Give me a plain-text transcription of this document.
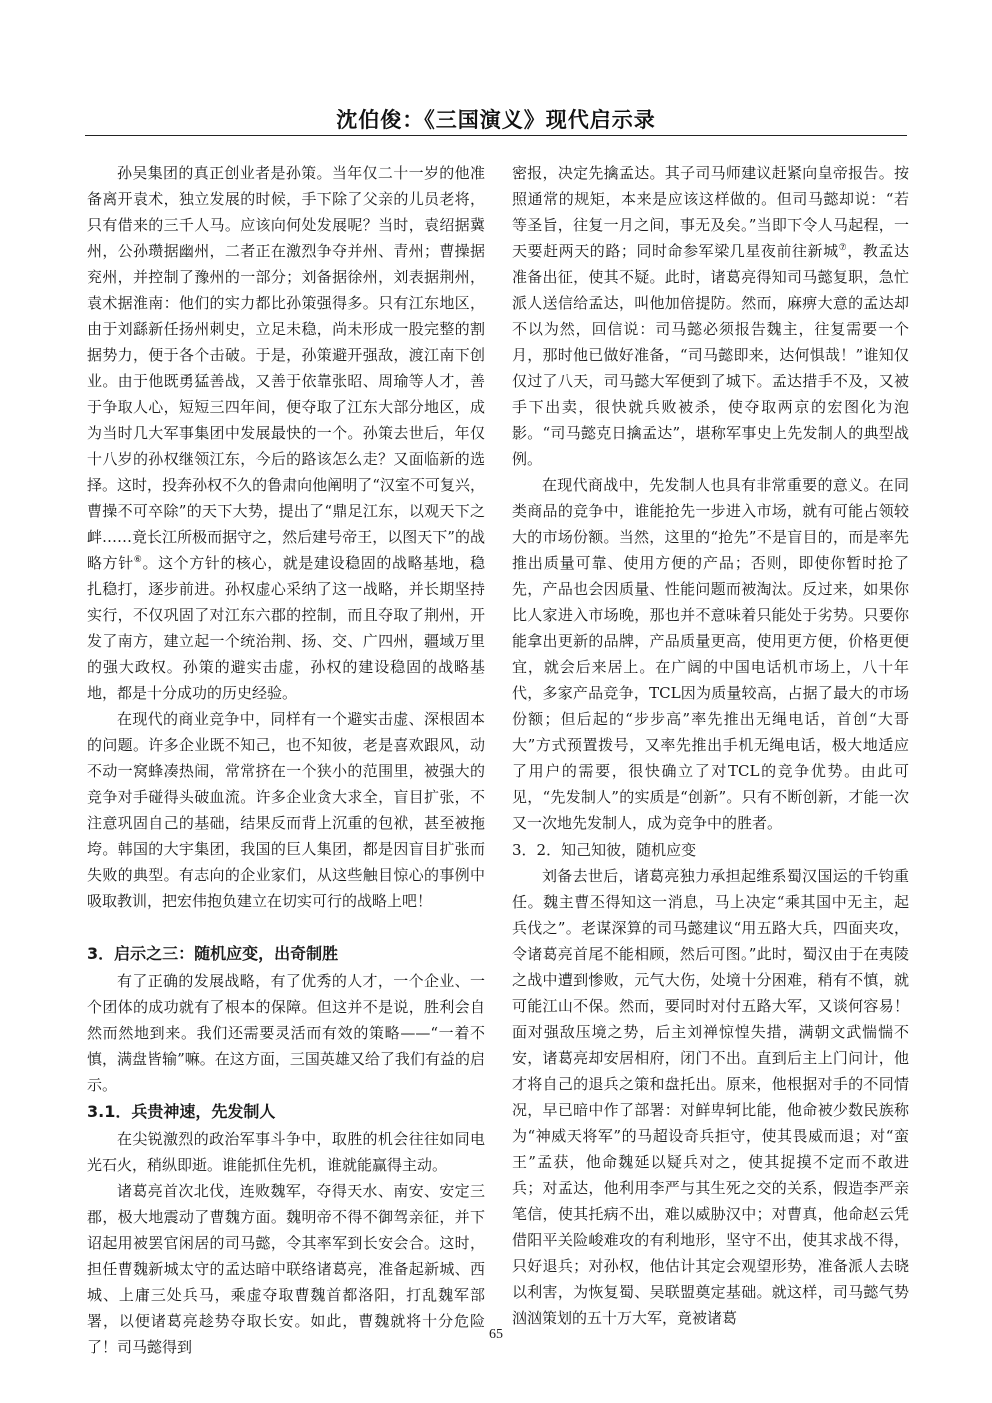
沈伯俊：《三国演义》现代启示录

孙吴集团的真正创业者是孙策。当年仅二十一岁的他准备离开袁术，独立发展的时候，手下除了父亲的儿员老将，只有借来的三千人马。应该向何处发展呢？当时，袁绍据冀州，公孙瓒据幽州，二者正在激烈争夺并州、青州；曹操据兖州，并控制了豫州的一部分；刘备据徐州，刘表据荆州，袁术据淮南：他们的实力都比孙策强得多。只有江东地区，由于刘繇新任扬州刺史，立足未稳，尚未形成一股完整的割据势力，便于各个击破。于是，孙策避开强敌，渡江南下创业。由于他既勇猛善战，又善于依靠张昭、周瑜等人才，善于争取人心，短短三四年间，便夺取了江东大部分地区，成为当时几大军事集团中发展最快的一个。孙策去世后，年仅十八岁的孙权继领江东，今后的路该怎么走？又面临新的选择。这时，投奔孙权不久的鲁肃向他阐明了“汉室不可复兴，曹操不可卒除”的天下大势，提出了“鼎足江东，以观天下之衅……竟长江所极而据守之，然后建号帝王，以图天下”的战略方针⑥。这个方针的核心，就是建设稳固的战略基地，稳扎稳打，逐步前进。孙权虚心采纳了这一战略，并长期坚持实行，不仅巩固了对江东六郡的控制，而且夺取了荆州，开发了南方，建立起一个统治荆、扬、交、广四州，疆域万里的强大政权。孙策的避实击虚，孙权的建设稳固的战略基地，都是十分成功的历史经验。

在现代的商业竞争中，同样有一个避实击虚、深根固本的问题。许多企业既不知己，也不知彼，老是喜欢跟风，动不动一窝蜂凑热闹，常常挤在一个狭小的范围里，被强大的竞争对手碰得头破血流。许多企业贪大求全，盲目扩张，不注意巩固自己的基础，结果反而背上沉重的包袱，甚至被拖垮。韩国的大宇集团，我国的巨人集团，都是因盲目扩张而失败的典型。有志向的企业家们，从这些触目惊心的事例中吸取教训，把宏伟抱负建立在切实可行的战略上吧！

3．启示之三：随机应变，出奇制胜

有了正确的发展战略，有了优秀的人才，一个企业、一个团体的成功就有了根本的保障。但这并不是说，胜利会自然而然地到来。我们还需要灵活而有效的策略——“一着不慎，满盘皆输”嘛。在这方面，三国英雄又给了我们有益的启示。

3.1．兵贵神速，先发制人

在尖锐激烈的政治军事斗争中，取胜的机会往往如同电光石火，稍纵即逝。谁能抓住先机，谁就能赢得主动。

诸葛亮首次北伐，连败魏军，夺得天水、南安、安定三郡，极大地震动了曹魏方面。魏明帝不得不御驾亲征，并下诏起用被罢官闲居的司马懿，令其率军到长安会合。这时，担任曹魏新城太守的孟达暗中联络诸葛亮，准备起新城、西城、上庸三处兵马，乘虚夺取曹魏首都洛阳，打乱魏军部署，以便诸葛亮趁势夺取长安。如此，曹魏就将十分危险了！司马懿得到

密报，决定先擒孟达。其子司马师建议赶紧向皇帝报告。按照通常的规矩，本来是应该这样做的。但司马懿却说：“若等圣旨，往复一月之间，事无及矣。”当即下令人马起程，一天要赶两天的路；同时命参军梁几星夜前往新城⑦，教孟达准备出征，使其不疑。此时，诸葛亮得知司马懿复职，急忙派人送信给孟达，叫他加倍提防。然而，麻痹大意的孟达却不以为然，回信说：司马懿必须报告魏主，往复需要一个月，那时他已做好准备，“司马懿即来，达何惧哉！”谁知仅仅过了八天，司马懿大军便到了城下。孟达措手不及，又被手下出卖，很快就兵败被杀，使夺取两京的宏图化为泡影。“司马懿克日擒孟达”，堪称军事史上先发制人的典型战例。

在现代商战中，先发制人也具有非常重要的意义。在同类商品的竞争中，谁能抢先一步进入市场，就有可能占领较大的市场份额。当然，这里的“抢先”不是盲目的，而是率先推出质量可靠、使用方便的产品；否则，即使你暂时抢了先，产品也会因质量、性能问题而被淘汰。反过来，如果你比人家进入市场晚，那也并不意味着只能处于劣势。只要你能拿出更新的品牌，产品质量更高，使用更方便，价格更便宜，就会后来居上。在广阔的中国电话机市场上，八十年代，多家产品竞争，TCL因为质量较高，占据了最大的市场份额；但后起的“步步高”率先推出无绳电话，首创“大哥大”方式预置拨号，又率先推出手机无绳电话，极大地适应了用户的需要，很快确立了对TCL的竞争优势。由此可见，“先发制人”的实质是“创新”。只有不断创新，才能一次又一次地先发制人，成为竞争中的胜者。

3．2．知己知彼，随机应变

刘备去世后，诸葛亮独力承担起维系蜀汉国运的千钧重任。魏主曹丕得知这一消息，马上决定“乘其国中无主，起兵伐之”。老谋深算的司马懿建议“用五路大兵，四面夹攻，令诸葛亮首尾不能相顾，然后可图。”此时，蜀汉由于在夷陵之战中遭到惨败，元气大伤，处境十分困难，稍有不慎，就可能江山不保。然而，要同时对付五路大军，又谈何容易！面对强敌压境之势，后主刘禅惊惶失措，满朝文武惴惴不安，诸葛亮却安居相府，闭门不出。直到后主上门问计，他才将自己的退兵之策和盘托出。原来，他根据对手的不同情况，早已暗中作了部署：对鲜卑轲比能，他命被少数民族称为“神威天将军”的马超设奇兵拒守，使其畏威而退；对“蛮王”孟获，他命魏延以疑兵对之，使其捉摸不定而不敢进兵；对孟达，他利用李严与其生死之交的关系，假造李严亲笔信，使其托病不出，难以威胁汉中；对曹真，他命赵云凭借阳平关险峻难攻的有利地形，坚守不出，使其求战不得，只好退兵；对孙权，他估计其定会观望形势，准备派人去晓以利害，为恢复蜀、吴联盟奠定基础。就这样，司马懿气势汹汹策划的五十万大军，竟被诸葛

65
